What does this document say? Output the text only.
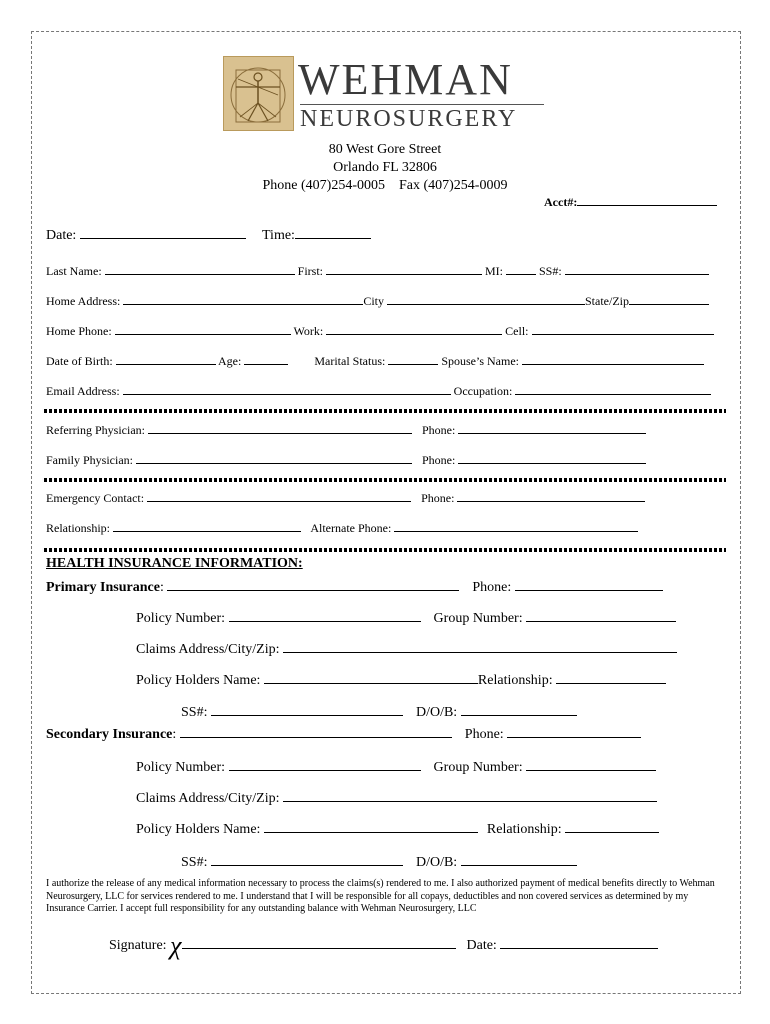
WEHMAN
NEUROSURGERY
80 West Gore Street
Orlando FL 32806
Phone (407)254-0005    Fax (407)254-0009
Acct#:
Date:	Time:
Last Name:	First:	MI:	SS#:
Home Address:	City	State/Zip
Home Phone:	Work:	Cell:
Date of Birth:	Age:	Marital Status:	Spouse’s Name:
Email Address:	Occupation:
Referring Physician:	Phone:
Family Physician:	Phone:
Emergency Contact:	Phone:
Relationship:	Alternate Phone:
HEALTH INSURANCE INFORMATION:
Primary Insurance:	Phone:
Policy Number:	Group Number:
Claims Address/City/Zip:
Policy Holders Name:	Relationship:
SS#:	D/O/B:
Secondary Insurance:	Phone:
Policy Number:	Group Number:
Claims Address/City/Zip:
Policy Holders Name:	Relationship:
SS#:	D/O/B:
I authorize the release of any medical information necessary to process the claims(s) rendered to me. I also authorized payment of medical benefits directly to Wehman Neurosurgery, LLC for services rendered to me. I understand that I will be responsible for all copays, deductibles and non covered services as determined by my Insurance Carrier. I accept full responsibility for any outstanding balance with Wehman Neurosurgery, LLC
Signature: χ	Date:
